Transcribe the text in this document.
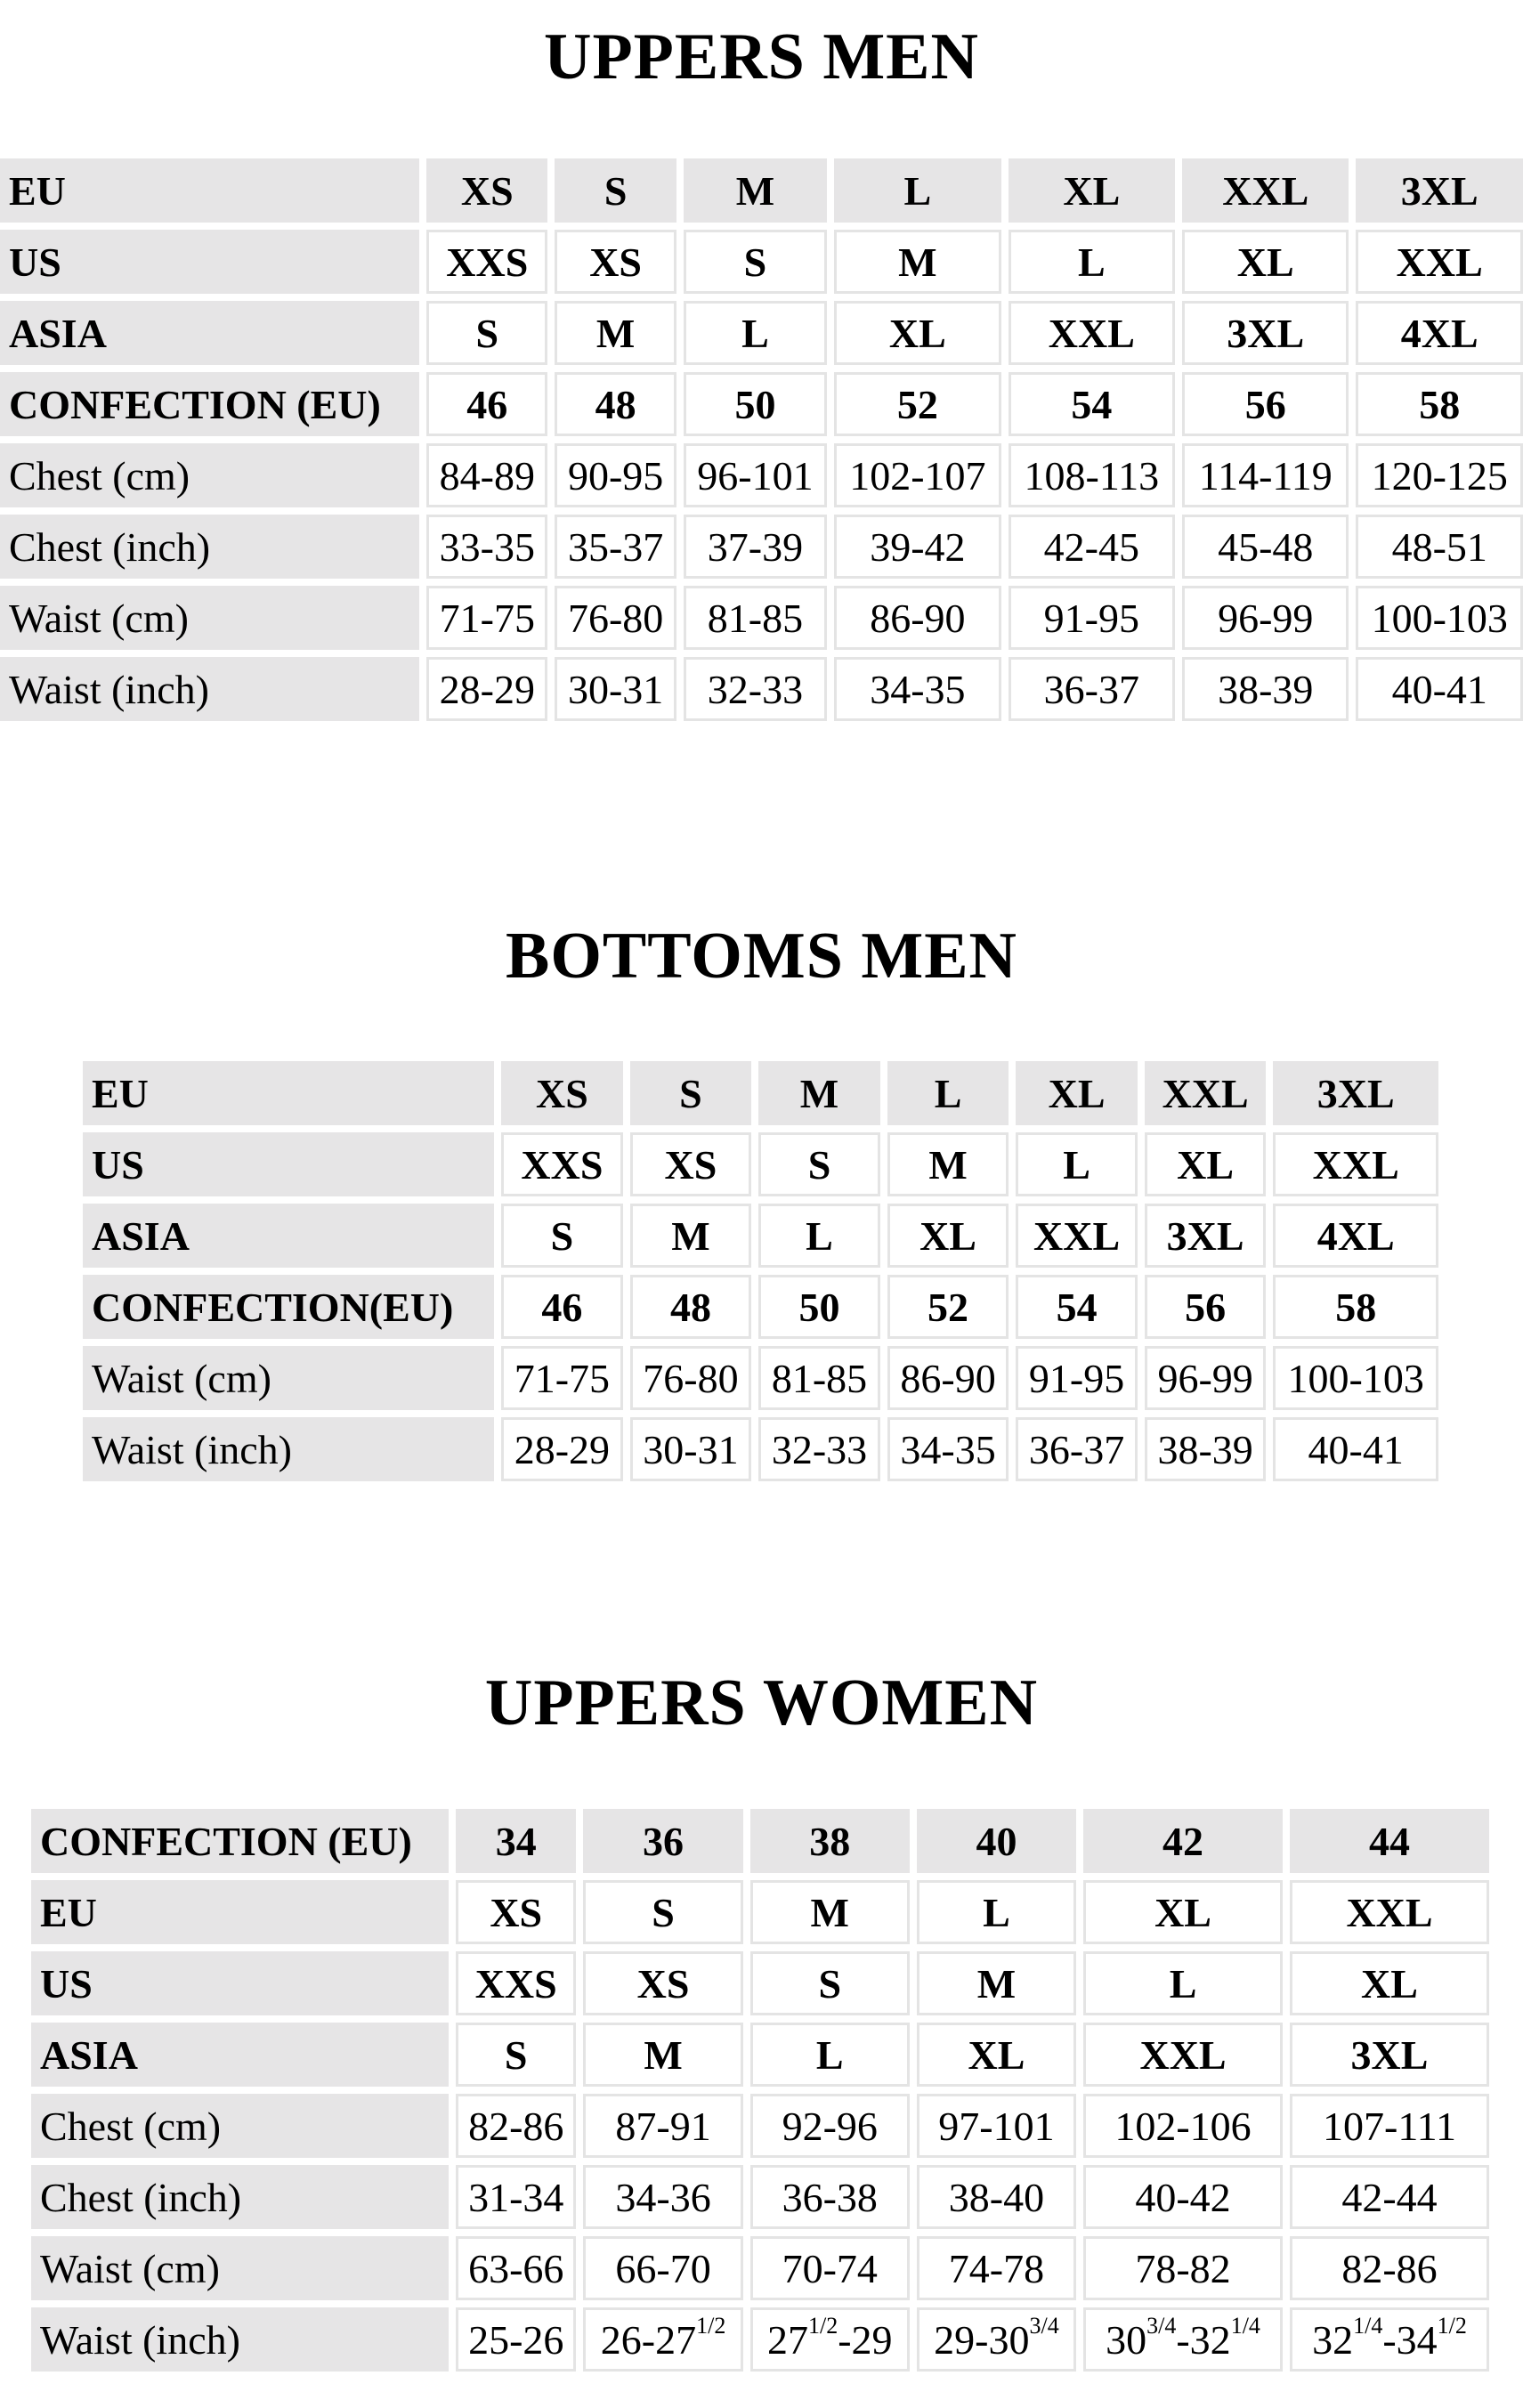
UPPERS MEN
EU	XS	S	M	L	XL	XXL	3XL
US	XXS	XS	S	M	L	XL	XXL
ASIA	S	M	L	XL	XXL	3XL	4XL
CONFECTION (EU)	46	48	50	52	54	56	58
Chest (cm)	84-89	90-95	96-101	102-107	108-113	114-119	120-125
Chest (inch)	33-35	35-37	37-39	39-42	42-45	45-48	48-51
Waist (cm)	71-75	76-80	81-85	86-90	91-95	96-99	100-103
Waist (inch)	28-29	30-31	32-33	34-35	36-37	38-39	40-41
BOTTOMS MEN
EU	XS	S	M	L	XL	XXL	3XL
US	XXS	XS	S	M	L	XL	XXL
ASIA	S	M	L	XL	XXL	3XL	4XL
CONFECTION(EU)	46	48	50	52	54	56	58
Waist (cm)	71-75	76-80	81-85	86-90	91-95	96-99	100-103
Waist (inch)	28-29	30-31	32-33	34-35	36-37	38-39	40-41
UPPERS WOMEN
CONFECTION (EU)	34	36	38	40	42	44
EU	XS	S	M	L	XL	XXL
US	XXS	XS	S	M	L	XL
ASIA	S	M	L	XL	XXL	3XL
Chest (cm)	82-86	87-91	92-96	97-101	102-106	107-111
Chest (inch)	31-34	34-36	36-38	38-40	40-42	42-44
Waist (cm)	63-66	66-70	70-74	74-78	78-82	82-86
Waist (inch)	25-26	$26-27^{1/2}$	$27^{1/2}-29$	$29-30^{3/4}$	$30^{3/4}-32^{1/4}$	$32^{1/4}-34^{1/2}$
